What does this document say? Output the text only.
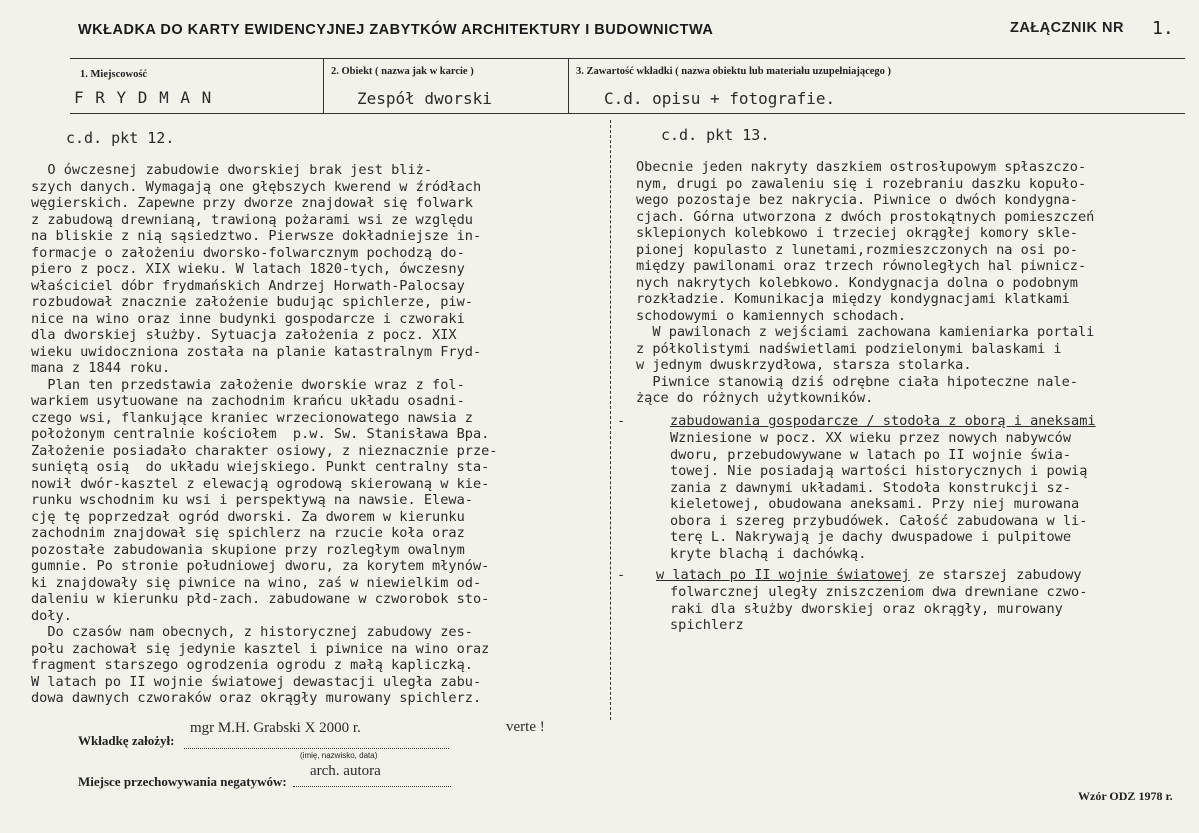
WKŁADKA DO KARTY EWIDENCYJNEJ ZABYTKÓW ARCHITEKTURY I BUDOWNICTWA	ZAŁĄCZNIK NR 1.
1. Miejscowość
F R Y D M A N
2. Obiekt ( nazwa jak w karcie )
Zespół dworski
3. Zawartość wkładki ( nazwa obiektu lub materiału uzupełniającego )
C.d. opisu + fotografie.
c.d. pkt 12.
O ówczesnej zabudowie dworskiej brak jest bliż-
szych danych. Wymagają one głębszych kwerend w źródłach
węgierskich. Zapewne przy dworze znajdował się folwark
z zabudową drewnianą, trawioną pożarami wsi ze względu
na bliskie z nią sąsiedztwo. Pierwsze dokładniejsze in-
formacje o założeniu dworsko-folwarcznym pochodzą do-
piero z pocz. XIX wieku. W latach 1820-tych, ówczesny
właściciel dóbr frydmańskich Andrzej Horwath-Palocsay
rozbudował znacznie założenie budując spichlerze, piw-
nice na wino oraz inne budynki gospodarcze i czworaki
dla dworskiej służby. Sytuacja założenia z pocz. XIX
wieku uwidoczniona została na planie katastralnym Fryd-
mana z 1844 roku.
Plan ten przedstawia założenie dworskie wraz z fol-
warkiem usytuowane na zachodnim krańcu układu osadni-
czego wsi, flankujące kraniec wrzecionowatego nawsia z
położonym centralnie kościołem  p.w. Sw. Stanisława Bpa.
Założenie posiadało charakter osiowy, z nieznacznie prze-
suniętą osią  do układu wiejskiego. Punkt centralny sta-
nowił dwór-kasztel z elewacją ogrodową skierowaną w kie-
runku wschodnim ku wsi i perspektywą na nawsie. Elewa-
cję tę poprzedzał ogród dworski. Za dworem w kierunku
zachodnim znajdował się spichlerz na rzucie koła oraz
pozostałe zabudowania skupione przy rozległym owalnym
gumnie. Po stronie południowej dworu, za korytem młynów-
ki znajdowały się piwnice na wino, zaś w niewielkim od-
daleniu w kierunku płd-zach. zabudowane w czworobok sto-
doły.
Do czasów nam obecnych, z historycznej zabudowy zes-
połu zachował się jedynie kasztel i piwnice na wino oraz
fragment starszego ogrodzenia ogrodu z małą kapliczką.
W latach po II wojnie światowej dewastacji uległa zabu-
dowa dawnych czworaków oraz okrągły murowany spichlerz.
c.d. pkt 13.
Obecnie jeden nakryty daszkiem ostrosłupowym spłaszczo-
nym, drugi po zawaleniu się i rozebraniu daszku kopuło-
wego pozostaje bez nakrycia. Piwnice o dwóch kondygna-
cjach. Górna utworzona z dwóch prostokątnych pomieszczeń
sklepionych kolebkowo i trzeciej okrągłej komory skle-
pionej kopulasto z lunetami,rozmieszczonych na osi po-
między pawilonami oraz trzech równoległych hal piwnicz-
nych nakrytych kolebkowo. Kondygnacja dolna o podobnym
rozkładzie. Komunikacja między kondygnacjami klatkami
schodowymi o kamiennych schodach.
W pawilonach z wejściami zachowana kamieniarka portali
z półkolistymi nadświetlami podzielonymi balaskami i
w jednym dwuskrzydłowa, starsza stolarka.
Piwnice stanowią dziś odrębne ciała hipoteczne nale-
żące do różnych użytkowników.
-	zabudowania gospodarcze / stodoła z oborą i aneksami
Wzniesione w pocz. XX wieku przez nowych nabywców
dworu, przebudowywane w latach po II wojnie świa-
towej. Nie posiadają wartości historycznych i powią
zania z dawnymi układami. Stodoła konstrukcji sz-
kieletowej, obudowana aneksami. Przy niej murowana
obora i szereg przybudówek. Całość zabudowana w li-
terę L. Nakrywają je dachy dwuspadowe i pulpitowe
kryte blachą i dachówką.
- w latach po II wojnie światowej ze starszej zabudowy
folwarcznej uległy zniszczeniom dwa drewniane czwo-
raki dla służby dworskiej oraz okrągły, murowany
spichlerz
Wkładkę założył:
mgr M.H. Grabski X 2000 r.
(imię, nazwisko, data)
verte !
Miejsce przechowywania negatywów:
arch. autora
Wzór ODZ 1978 r.
